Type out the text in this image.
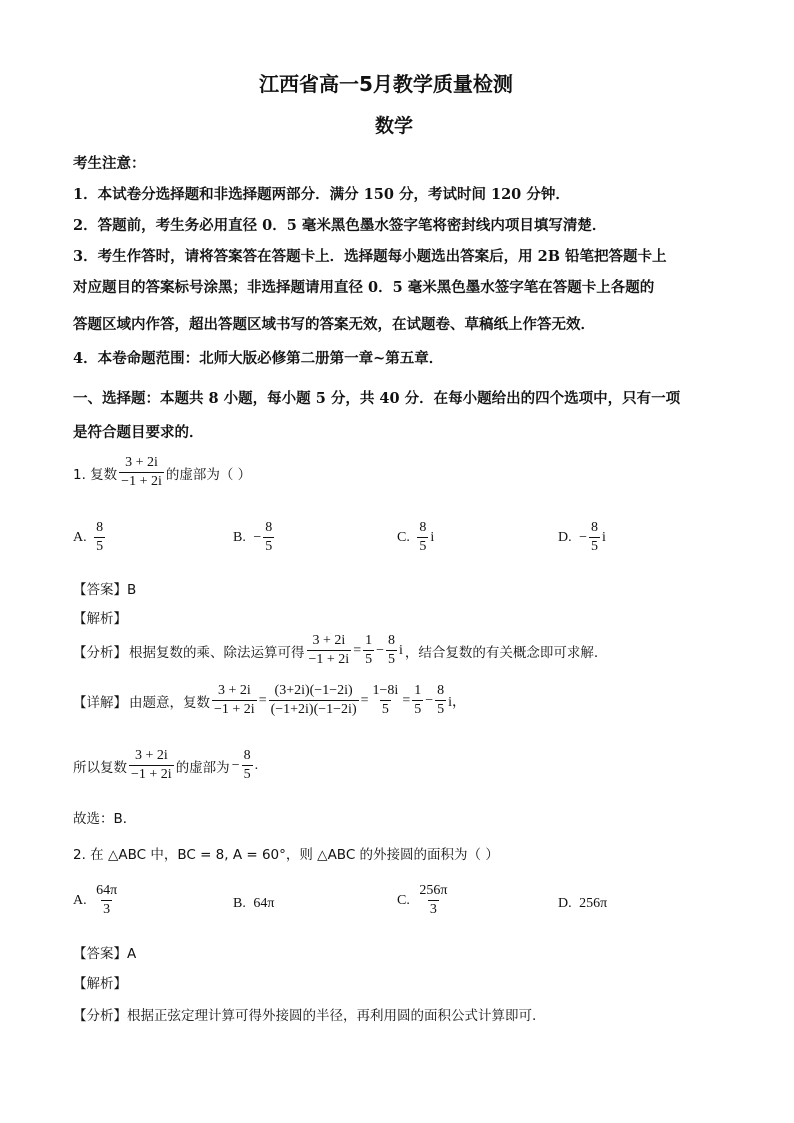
江西省高一5月教学质量检测
数学
考生注意：
1．本试卷分选择题和非选择题两部分．满分 150 分，考试时间 120 分钟．
2．答题前，考生务必用直径 0．5 毫米黑色墨水签字笔将密封线内项目填写清楚．
3．考生作答时，请将答案答在答题卡上．选择题每小题选出答案后，用 2B 铅笔把答题卡上
对应题目的答案标号涂黑；非选择题请用直径 0．5 毫米黑色墨水签字笔在答题卡上各题的
答题区域内作答，超出答题区域书写的答案无效，在试题卷、草稿纸上作答无效．
4．本卷命题范围：北师大版必修第二册第一章~第五章．
一、选择题：本题共 8 小题，每小题 5 分，共 40 分．在每小题给出的四个选项中，只有一项
是符合题目要求的．
1. 复数 $\frac{3 + 2i}{-1 + 2i}$ 的虚部为（ ）
A.
$\frac{8}{5}$	B.
− $\frac{8}{5}$	C.
$\frac{8}{5}$ i	D.
− $\frac{8}{5}$ i
【答案】B
【解析】
【分析】 根据复数的乘、除法运算可得 $\frac{3 + 2i}{-1 + 2i} = \frac{1}{5} - \frac{8}{5}$ i ，结合复数的有关概念即可求解.
【详解】 由题意，复数 $\frac{3 + 2i}{-1 + 2i} = \frac{(3+2i)(-1-2i)}{(-1+2i)(-1-2i)} = \frac{1-8i}{5} = \frac{1}{5} - \frac{8}{5}$ i，
所以复数 $\frac{3 + 2i}{-1 + 2i}$ 的虚部为 − $\frac{8}{5}$ .
故选：B．
2. 在 △ABC 中，BC = 8, A = 60°，则 △ABC 的外接圆的面积为（ ）
A.
$\frac{64\pi}{3}$	B.
64π	C.
$\frac{256\pi}{3}$	D.
256π
【答案】A
【解析】
【分析】根据正弦定理计算可得外接圆的半径，再利用圆的面积公式计算即可.
